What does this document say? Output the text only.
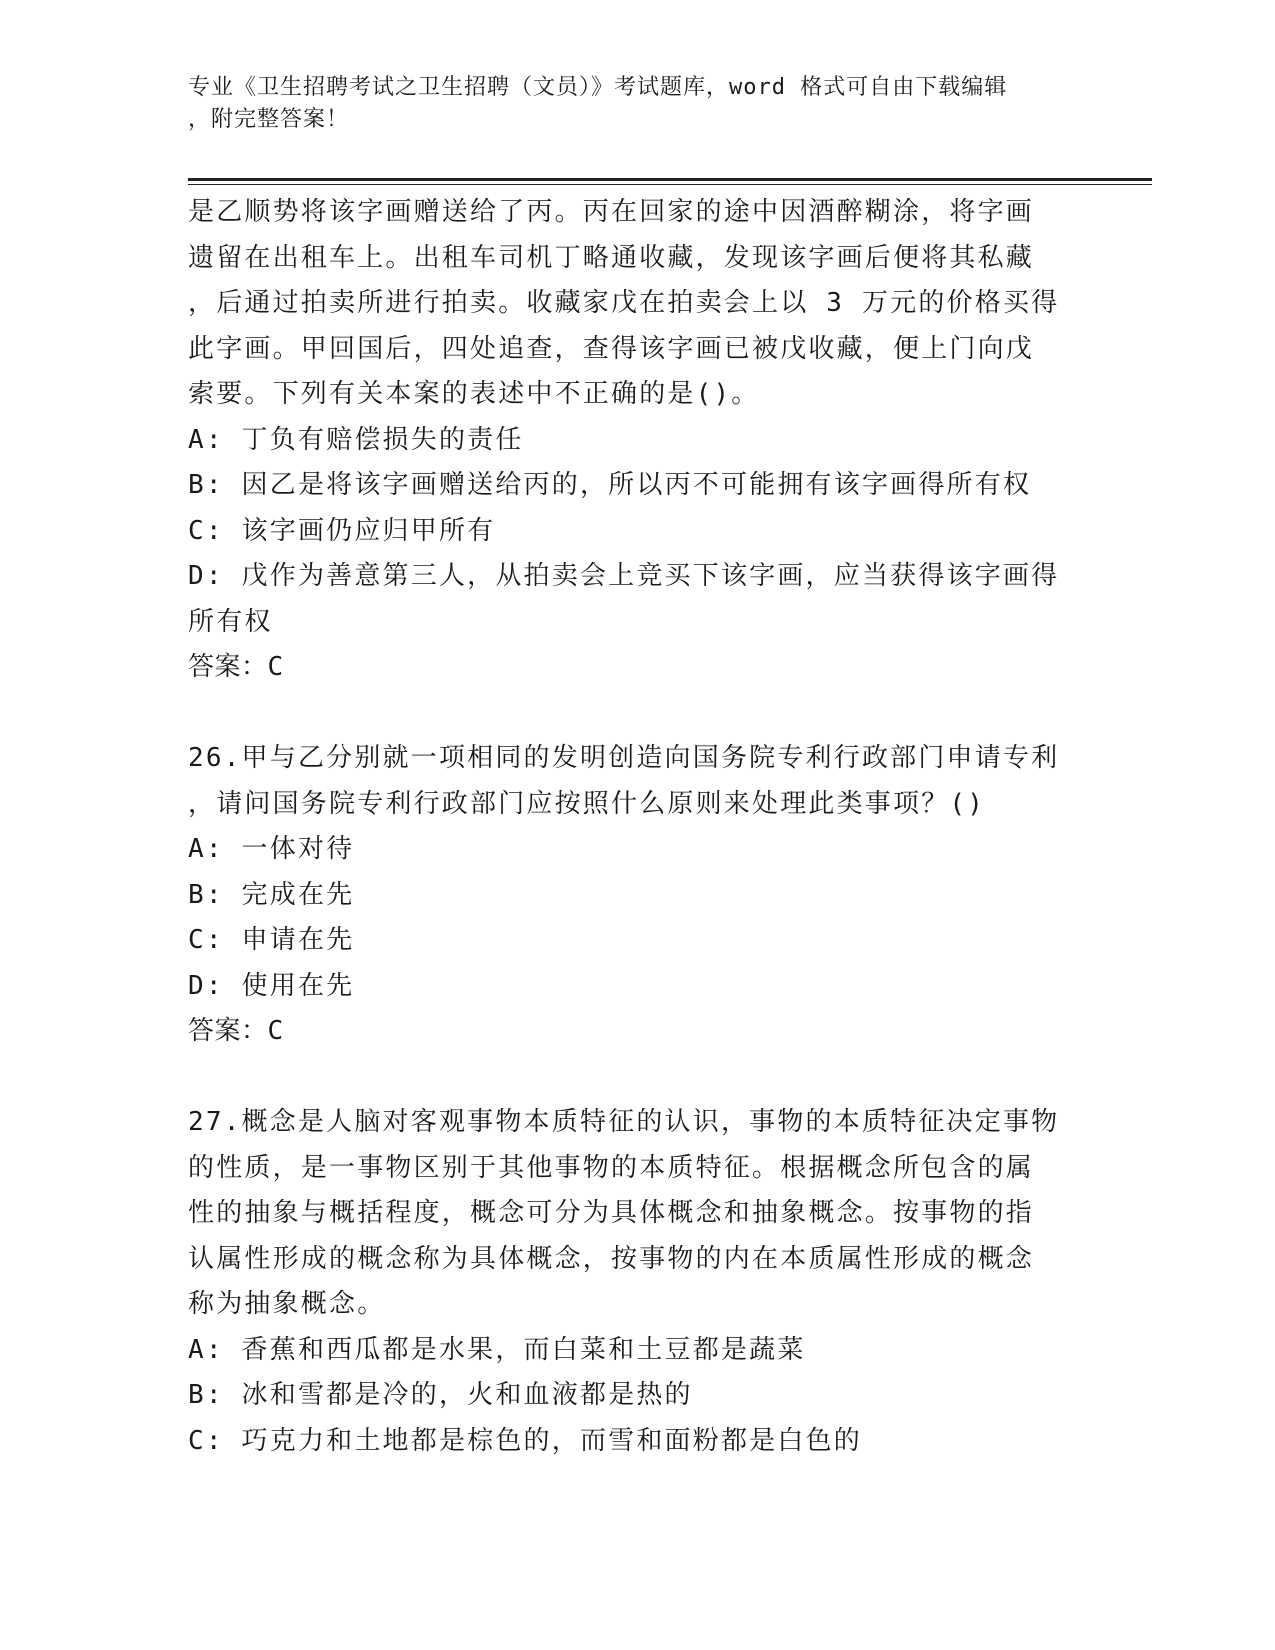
专业《卫生招聘考试之卫生招聘（文员）》考试题库，word 格式可自由下载编辑
，附完整答案！
是乙顺势将该字画赠送给了丙。丙在回家的途中因酒醉糊涂，将字画
遗留在出租车上。出租车司机丁略通收藏，发现该字画后便将其私藏
，后通过拍卖所进行拍卖。收藏家戊在拍卖会上以 3 万元的价格买得
此字画。甲回国后，四处追查，查得该字画已被戊收藏，便上门向戊
索要。下列有关本案的表述中不正确的是()。
A: 丁负有赔偿损失的责任
B: 因乙是将该字画赠送给丙的，所以丙不可能拥有该字画得所有权
C: 该字画仍应归甲所有
D: 戊作为善意第三人，从拍卖会上竞买下该字画，应当获得该字画得
所有权
答案：C
26.甲与乙分别就一项相同的发明创造向国务院专利行政部门申请专利
，请问国务院专利行政部门应按照什么原则来处理此类事项？()
A: 一体对待
B: 完成在先
C: 申请在先
D: 使用在先
答案：C
27.概念是人脑对客观事物本质特征的认识，事物的本质特征决定事物
的性质，是一事物区别于其他事物的本质特征。根据概念所包含的属
性的抽象与概括程度，概念可分为具体概念和抽象概念。按事物的指
认属性形成的概念称为具体概念，按事物的内在本质属性形成的概念
称为抽象概念。
A: 香蕉和西瓜都是水果，而白菜和土豆都是蔬菜
B: 冰和雪都是冷的，火和血液都是热的
C: 巧克力和土地都是棕色的，而雪和面粉都是白色的
